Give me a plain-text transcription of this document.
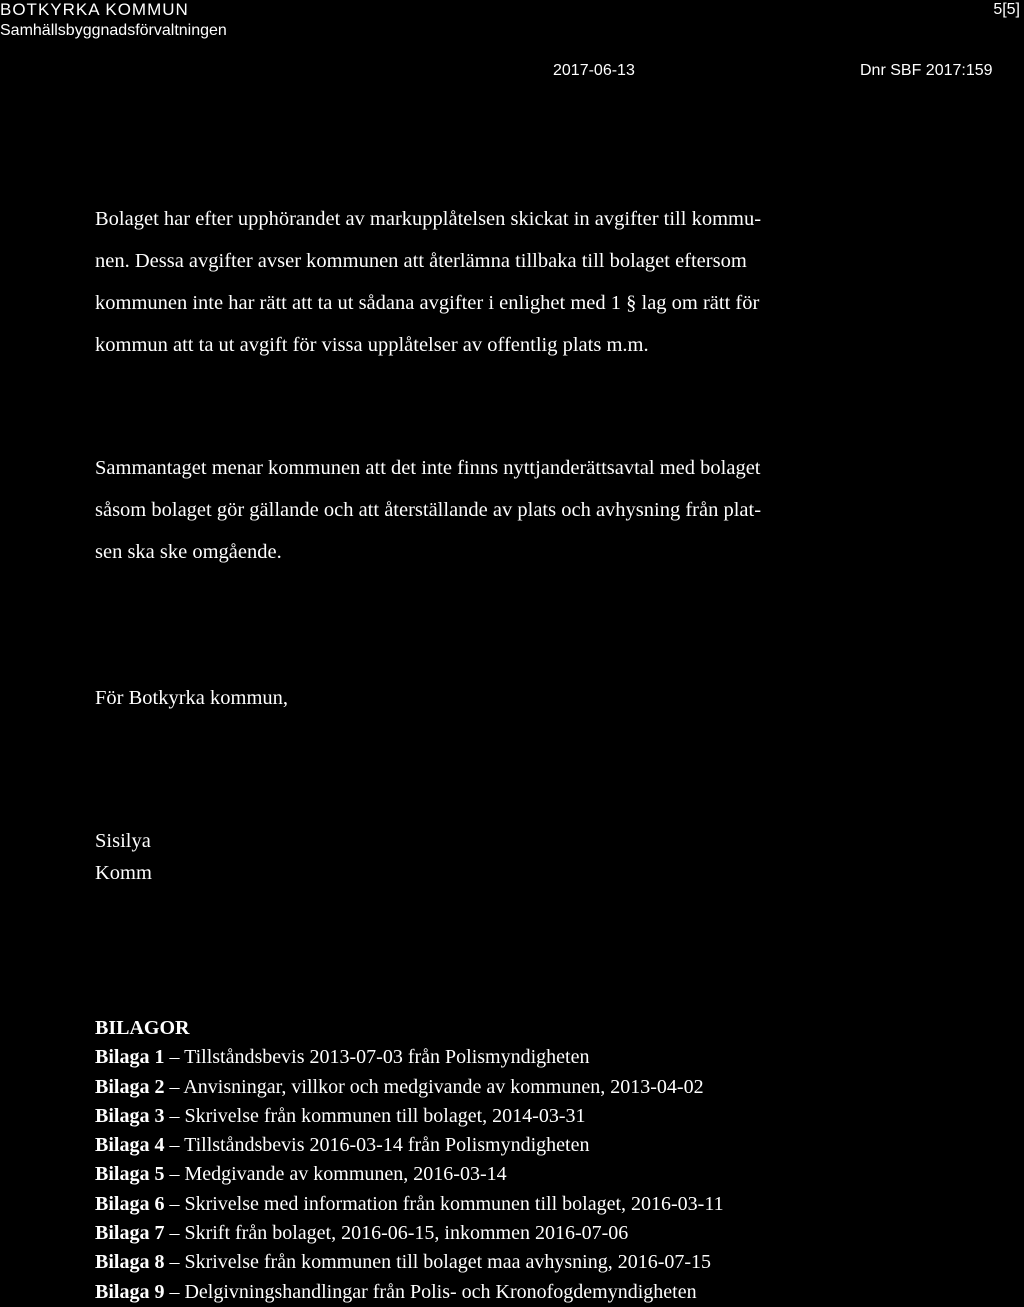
BOTKYRKA KOMMUN
Samhällsbyggnadsförvaltningen
5[5]
2017-06-13	Dnr SBF 2017:159
Bolaget har efter upphörandet av markupplåtelsen skickat in avgifter till kommu-
nen. Dessa avgifter avser kommunen att återlämna tillbaka till bolaget eftersom
kommunen inte har rätt att ta ut sådana avgifter i enlighet med 1 § lag om rätt för
kommun att ta ut avgift för vissa upplåtelser av offentlig plats m.m.
Sammantaget menar kommunen att det inte finns nyttjanderättsavtal med bolaget
såsom bolaget gör gällande och att återställande av plats och avhysning från plat-
sen ska ske omgående.
För Botkyrka kommun,
Sisilya
Komm
BILAGOR
Bilaga 1 – Tillståndsbevis 2013-07-03 från Polismyndigheten
Bilaga 2 – Anvisningar, villkor och medgivande av kommunen, 2013-04-02
Bilaga 3 – Skrivelse från kommunen till bolaget, 2014-03-31
Bilaga 4 – Tillståndsbevis 2016-03-14 från Polismyndigheten
Bilaga 5 – Medgivande av kommunen, 2016-03-14
Bilaga 6 – Skrivelse med information från kommunen till bolaget, 2016-03-11
Bilaga 7 – Skrift från bolaget, 2016-06-15, inkommen 2016-07-06
Bilaga 8 – Skrivelse från kommunen till bolaget maa avhysning, 2016-07-15
Bilaga 9 – Delgivningshandlingar från Polis- och Kronofogdemyndigheten
